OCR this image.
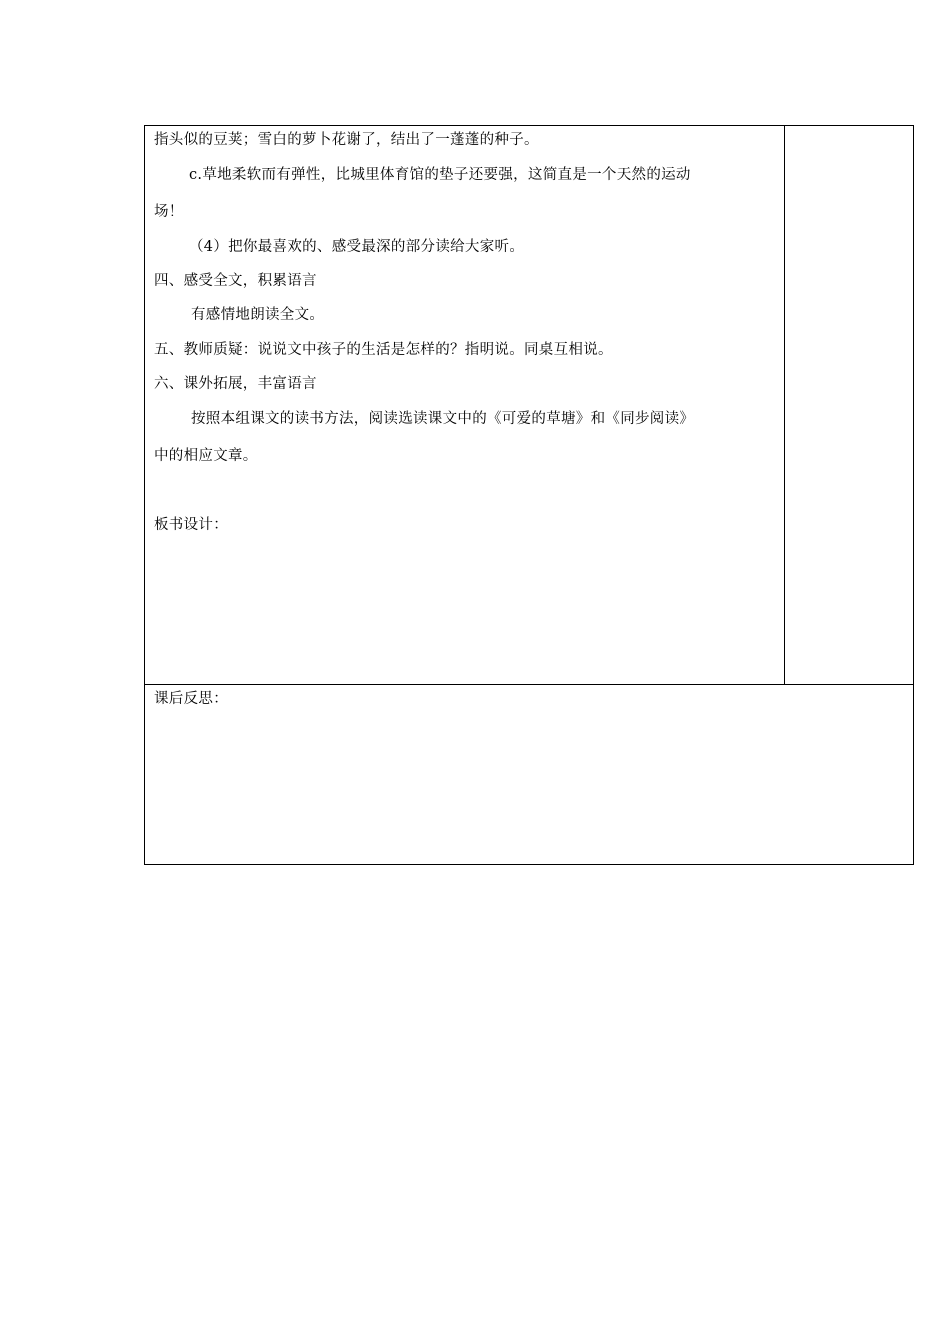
指头似的豆荚；雪白的萝卜花谢了，结出了一蓬蓬的种子。
c.草地柔软而有弹性，比城里体育馆的垫子还要强，这简直是一个天然的运动
场！
（4）把你最喜欢的、感受最深的部分读给大家听。
四、感受全文，积累语言
有感情地朗读全文。
五、教师质疑：说说文中孩子的生活是怎样的？指明说。同桌互相说。
六、课外拓展，丰富语言
按照本组课文的读书方法，阅读选读课文中的《可爱的草塘》和《同步阅读》
中的相应文章。
板书设计：
课后反思：
